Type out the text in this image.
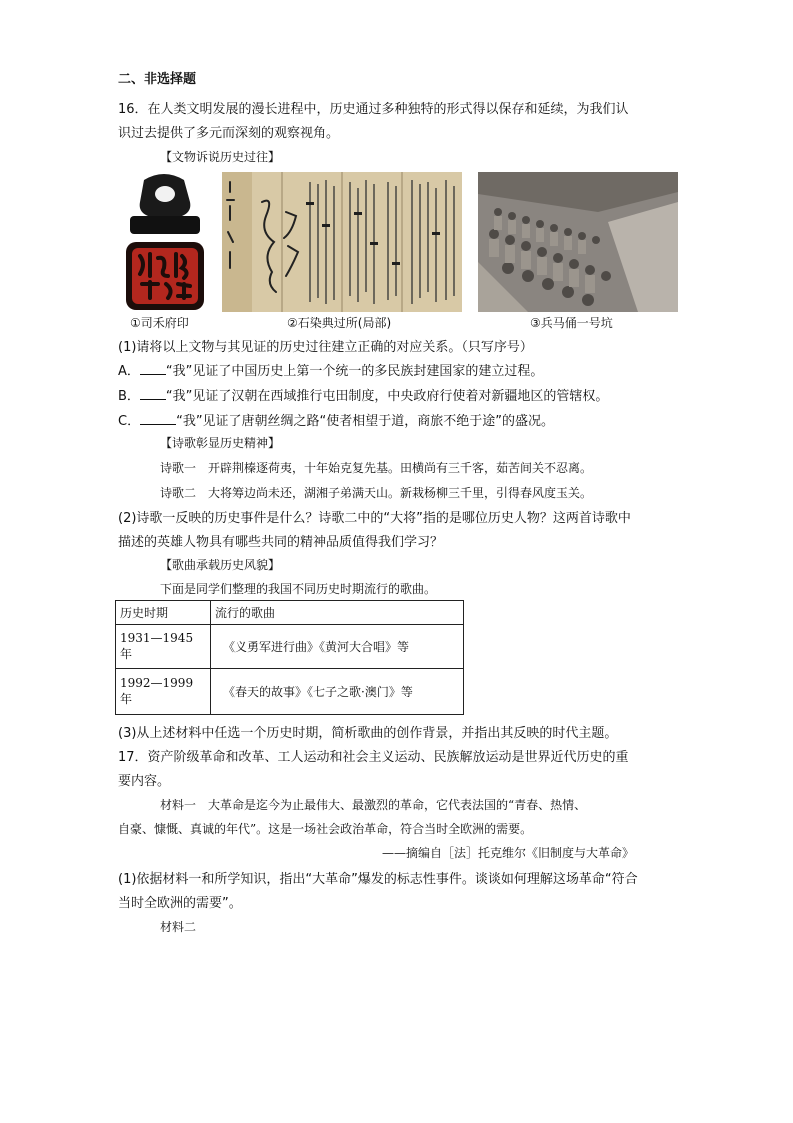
二、非选择题
16．在人类文明发展的漫长进程中，历史通过多种独特的形式得以保存和延续，为我们认
识过去提供了多元而深刻的观察视角。
【文物诉说历史过往】
①司禾府印	②石染典过所(局部)	③兵马俑一号坑
(1)请将以上文物与其见证的历史过往建立正确的对应关系。（只写序号）
A． “我”见证了中国历史上第一个统一的多民族封建国家的建立过程。
B． “我”见证了汉朝在西域推行屯田制度，中央政府行使着对新疆地区的管辖权。
C．	“我”见证了唐朝丝绸之路“使者相望于道，商旅不绝于途”的盛况。
【诗歌彰显历史精神】
诗歌一 开辟荆榛逐荷夷，十年始克复先基。田横尚有三千客，茹苦间关不忍离。
诗歌二 大将筹边尚未还，湖湘子弟满天山。新栽杨柳三千里，引得春风度玉关。
(2)诗歌一反映的历史事件是什么？诗歌二中的“大将”指的是哪位历史人物？这两首诗歌中
描述的英雄人物具有哪些共同的精神品质值得我们学习？
【歌曲承载历史风貌】
下面是同学们整理的我国不同历史时期流行的歌曲。
历史时期	流行的歌曲

1931—1945
年	《义勇军进行曲》《黄河大合唱》等

1992—1999
年	《春天的故事》《七子之歌·澳门》等
(3)从上述材料中任选一个历史时期，简析歌曲的创作背景，并指出其反映的时代主题。
17．资产阶级革命和改革、工人运动和社会主义运动、民族解放运动是世界近代历史的重
要内容。
材料一　大革命是迄今为止最伟大、最激烈的革命，它代表法国的“青春、热情、
自豪、慷慨、真诚的年代”。这是一场社会政治革命，符合当时全欧洲的需要。
——摘编自［法］托克维尔《旧制度与大革命》
(1)依据材料一和所学知识，指出“大革命”爆发的标志性事件。谈谈如何理解这场革命“符合
当时全欧洲的需要”。
材料二
